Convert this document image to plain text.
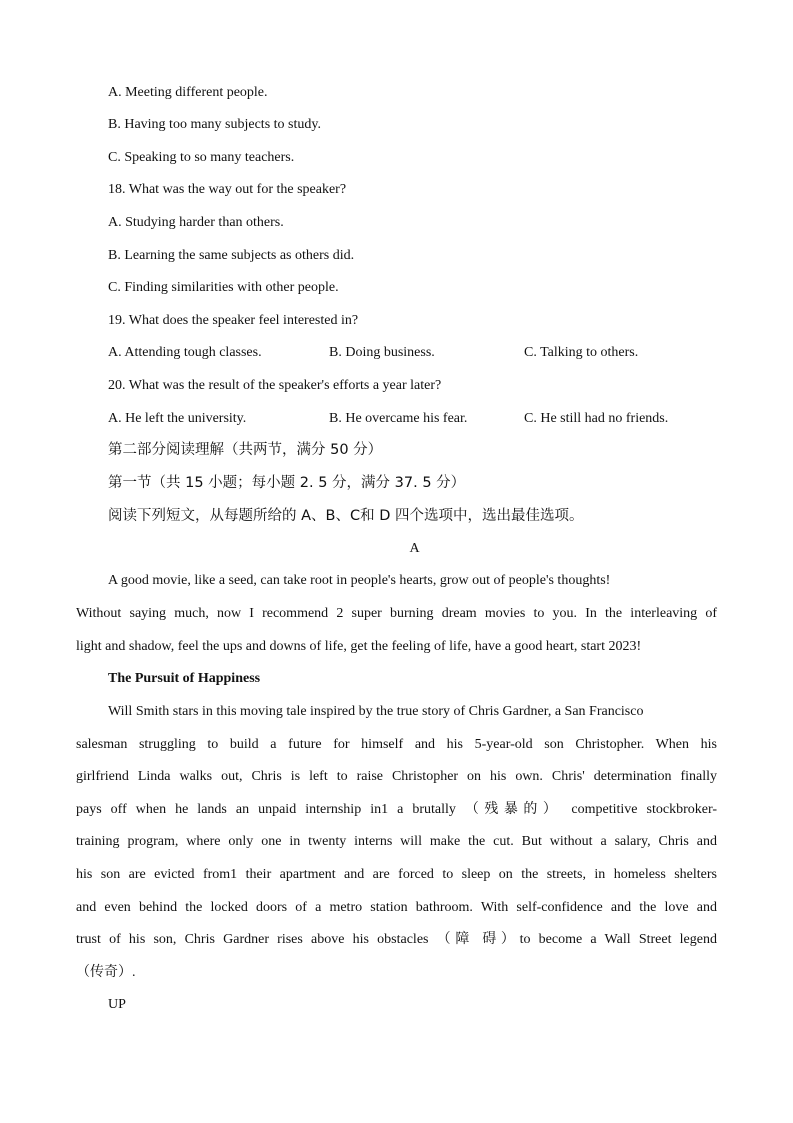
A. Meeting different people.
B. Having too many subjects to study.
C. Speaking to so many teachers.
18. What was the way out for the speaker?
A. Studying harder than others.
B. Learning the same subjects as others did.
C. Finding similarities with other people.
19. What does the speaker feel interested in?
A. Attending tough classes.	B. Doing business.	C. Talking to others.
20. What was the result of the speaker's efforts a year later?
A. He left the university.	B. He overcame his fear.	C. He still had no friends.
第二部分阅读理解（共两节，满分 50 分）
第一节（共 15 小题；每小题 2. 5 分，满分 37. 5 分）
阅读下列短文，从每题所给的 A、B、C和 D 四个选项中，选出最佳选项。
A
A good movie, like a seed, can take root in people's hearts, grow out of people's thoughts!
Without saying much, now I recommend 2 super burning dream movies to you. In the interleaving of
light and shadow, feel the ups and downs of life, get the feeling of life, have a good heart, start 2023!
The Pursuit of Happiness
Will Smith stars in this moving tale inspired by the true story of Chris Gardner, a San Francisco
salesman struggling to build a future for himself and his 5-year-old son Christopher. When his
girlfriend Linda walks out, Chris is left to raise Christopher on his own. Chris' determination finally
pays off when he lands an unpaid internship in1 a brutally （残暴的） competitive stockbroker-
training program, where only one in twenty interns will make the cut. But without a salary, Chris and
his son are evicted from1 their apartment and are forced to sleep on the streets, in homeless shelters
and even behind the locked doors of a metro station bathroom. With self-confidence and the love and
trust of his son, Chris Gardner rises above his obstacles （障 碍）to become a Wall Street legend
（传奇）.
UP
